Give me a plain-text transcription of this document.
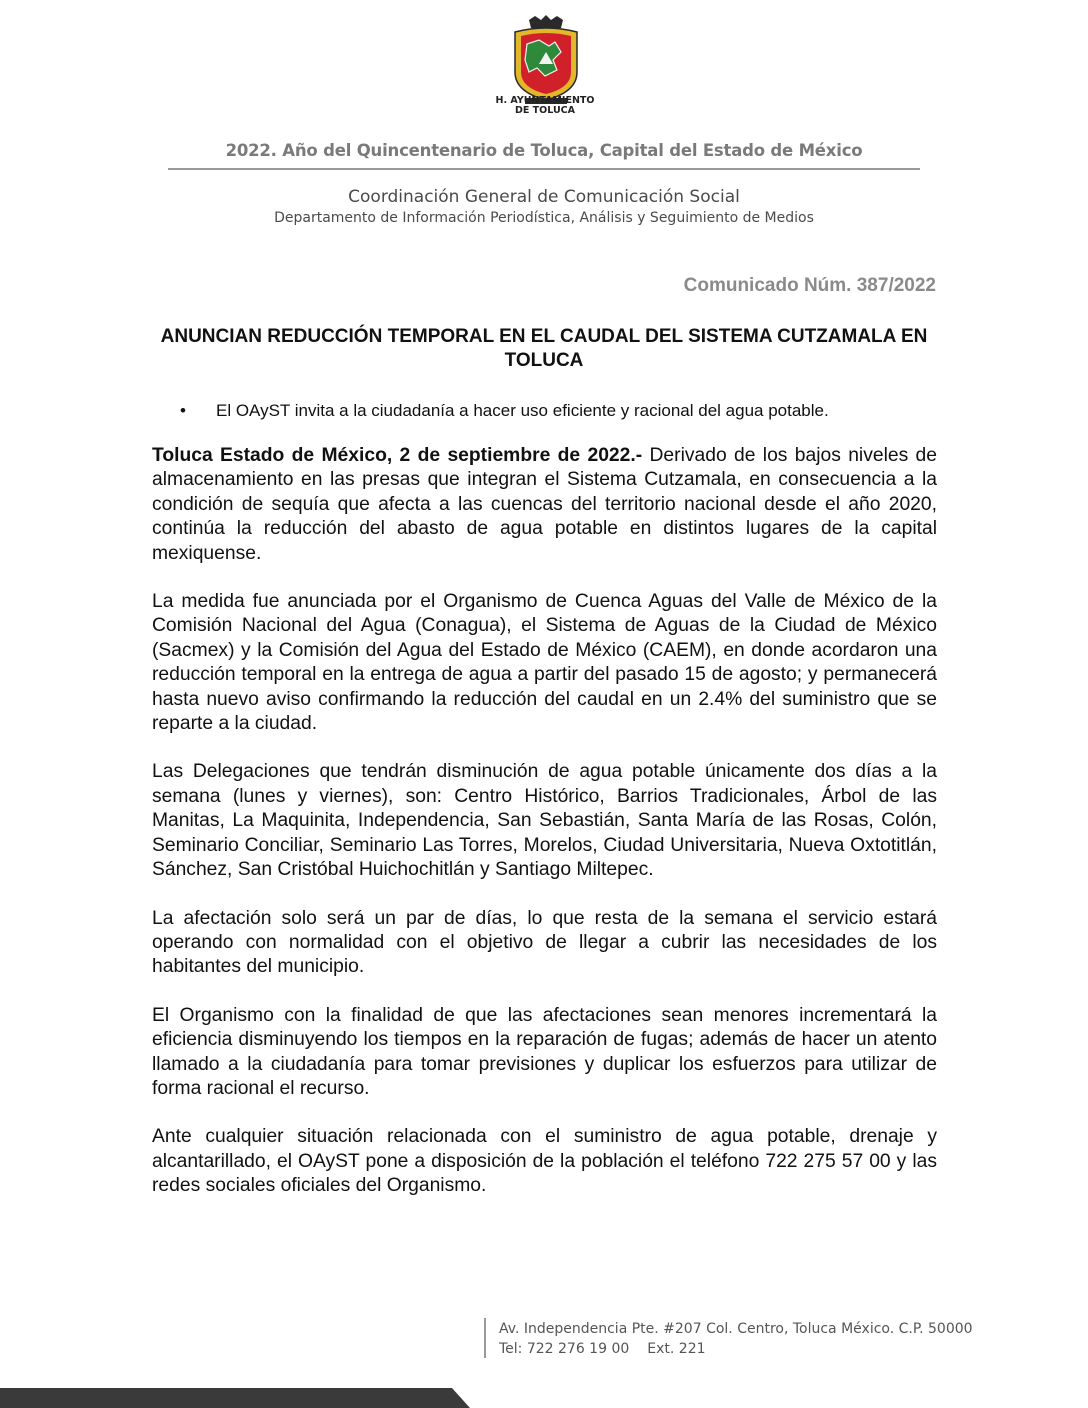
H. AYUNTAMIENTO
DE TOLUCA
2022. Año del Quincentenario de Toluca, Capital del Estado de México
Coordinación General de Comunicación Social
Departamento de Información Periodística, Análisis y Seguimiento de Medios
Comunicado Núm. 387/2022
ANUNCIAN REDUCCIÓN TEMPORAL EN EL CAUDAL DEL SISTEMA CUTZAMALA EN TOLUCA
• El OAyST invita a la ciudadanía a hacer uso eficiente y racional del agua potable.

Toluca Estado de México, 2 de septiembre de 2022.- Derivado de los bajos niveles de almacenamiento en las presas que integran el Sistema Cutzamala, en consecuencia a la condición de sequía que afecta a las cuencas del territorio nacional desde el año 2020, continúa la reducción del abasto de agua potable en distintos lugares de la capital mexiquense.

La medida fue anunciada por el Organismo de Cuenca Aguas del Valle de México de la Comisión Nacional del Agua (Conagua), el Sistema de Aguas de la Ciudad de México (Sacmex) y la Comisión del Agua del Estado de México (CAEM), en donde acordaron una reducción temporal en la entrega de agua a partir del pasado 15 de agosto; y permanecerá hasta nuevo aviso confirmando la reducción del caudal en un 2.4% del suministro que se reparte a la ciudad.

Las Delegaciones que tendrán disminución de agua potable únicamente dos días a la semana (lunes y viernes), son: Centro Histórico, Barrios Tradicionales, Árbol de las Manitas, La Maquinita, Independencia, San Sebastián, Santa María de las Rosas, Colón, Seminario Conciliar, Seminario Las Torres, Morelos, Ciudad Universitaria, Nueva Oxtotitlán, Sánchez, San Cristóbal Huichochitlán y Santiago Miltepec.

La afectación solo será un par de días, lo que resta de la semana el servicio estará operando con normalidad con el objetivo de llegar a cubrir las necesidades de los habitantes del municipio.

El Organismo con la finalidad de que las afectaciones sean menores incrementará la eficiencia disminuyendo los tiempos en la reparación de fugas; además de hacer un atento llamado a la ciudadanía para tomar previsiones y duplicar los esfuerzos para utilizar de forma racional el recurso.

Ante cualquier situación relacionada con el suministro de agua potable, drenaje y alcantarillado, el OAyST pone a disposición de la población el teléfono 722 275 57 00 y las redes sociales oficiales del Organismo.

Av. Independencia Pte. #207 Col. Centro, Toluca México. C.P. 50000
Tel: 722 276 19 00 Ext. 221
